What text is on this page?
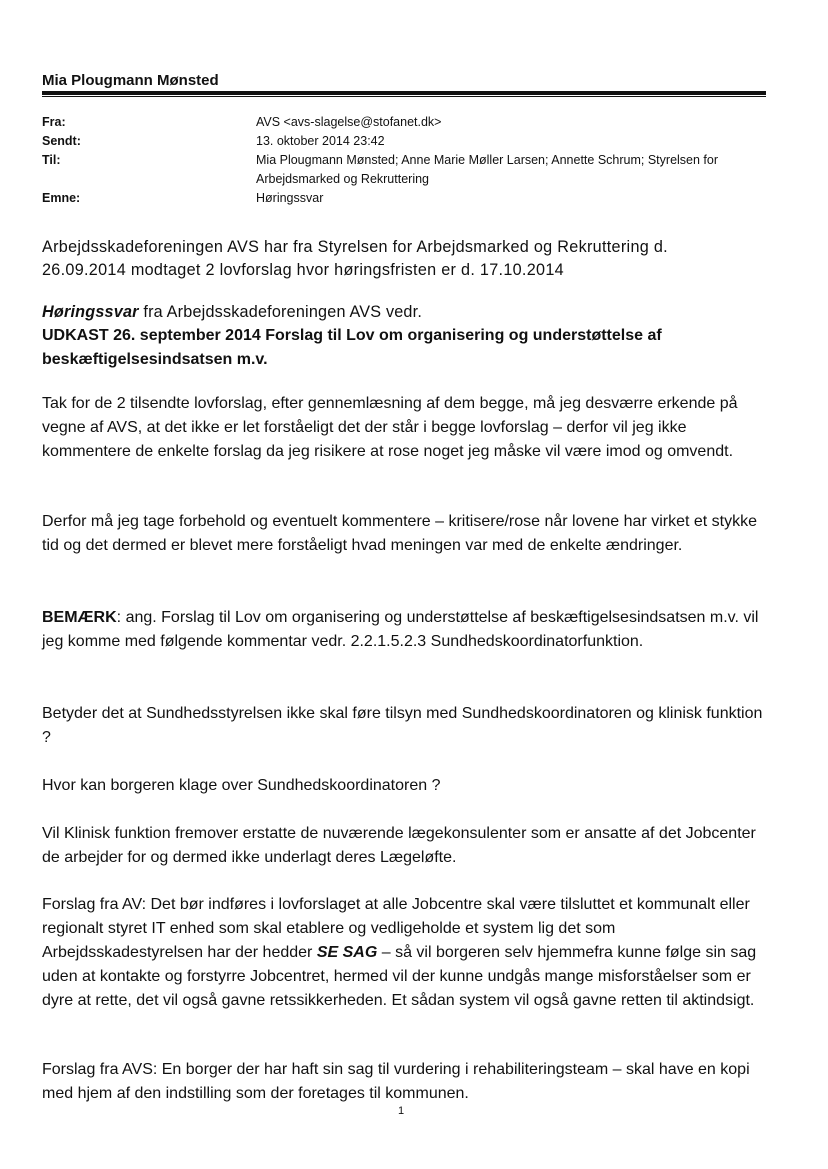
Mia Plougmann Mønsted
Fra:	AVS <avs-slagelse@stofanet.dk>
Sendt:	13. oktober 2014 23:42
Til:	Mia Plougmann Mønsted; Anne Marie Møller Larsen; Annette Schrum; Styrelsen for
Arbejdsmarked og Rekruttering
Emne:	Høringssvar
Arbejdsskadeforeningen AVS har fra Styrelsen for Arbejdsmarked og Rekruttering d.
26.09.2014 modtaget 2 lovforslag hvor høringsfristen er d. 17.10.2014
Høringssvar fra Arbejdsskadeforeningen AVS vedr.
UDKAST 26. september 2014 Forslag til Lov om organisering og understøttelse af
beskæftigelsesindsatsen m.v.
Tak for de 2 tilsendte lovforslag, efter gennemlæsning af dem begge, må jeg desværre erkende på vegne af AVS, at det ikke er let forståeligt det der står i begge lovforslag – derfor vil jeg ikke kommentere de enkelte forslag da jeg risikere at rose noget jeg måske vil være imod og omvendt.
Derfor må jeg tage forbehold og eventuelt kommentere – kritisere/rose når lovene har virket et stykke tid og det dermed er blevet mere forståeligt hvad meningen var med de enkelte ændringer.
BEMÆRK: ang. Forslag til Lov om organisering og understøttelse af beskæftigelsesindsatsen m.v. vil jeg komme med følgende kommentar vedr. 2.2.1.5.2.3 Sundhedskoordinatorfunktion.
Betyder det at Sundhedsstyrelsen ikke skal føre tilsyn med Sundhedskoordinatoren og klinisk funktion ?
Hvor kan borgeren klage over Sundhedskoordinatoren ?
Vil Klinisk funktion fremover erstatte de nuværende lægekonsulenter som er ansatte af det Jobcenter de arbejder for og dermed ikke underlagt deres Lægeløfte.
Forslag fra AV: Det bør indføres i lovforslaget at alle Jobcentre skal være tilsluttet et kommunalt eller regionalt styret IT enhed som skal etablere og vedligeholde et system lig det som Arbejdsskadestyrelsen har der hedder SE SAG – så vil borgeren selv hjemmefra kunne følge sin sag uden at kontakte og forstyrre Jobcentret, hermed vil der kunne undgås mange misforståelser som er dyre at rette, det vil også gavne retssikkerheden. Et sådan system vil også gavne retten til aktindsigt.
Forslag fra AVS: En borger der har haft sin sag til vurdering i rehabiliteringsteam – skal have en kopi med hjem af den indstilling som der foretages til kommunen.
1
